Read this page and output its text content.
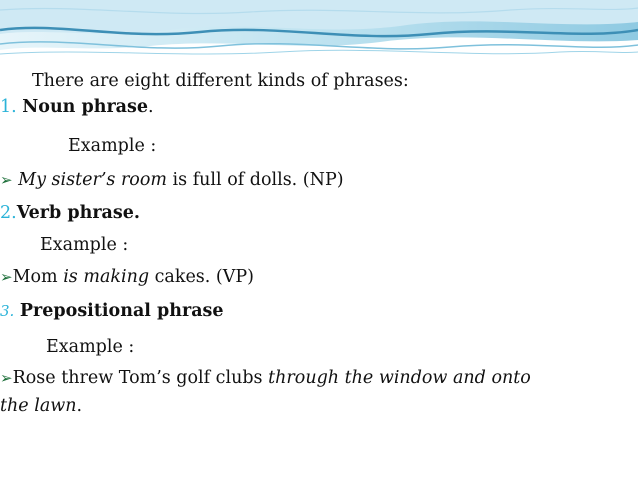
There are eight different kinds of phrases:
1. Noun phrase.
Example :
➢ My sister’s room is full of dolls. (NP)
2.Verb phrase.
Example :
➢Mom is making cakes. (VP)
3. Prepositional phrase
Example :
➢Rose threw Tom’s golf clubs through the window and onto
the lawn.
